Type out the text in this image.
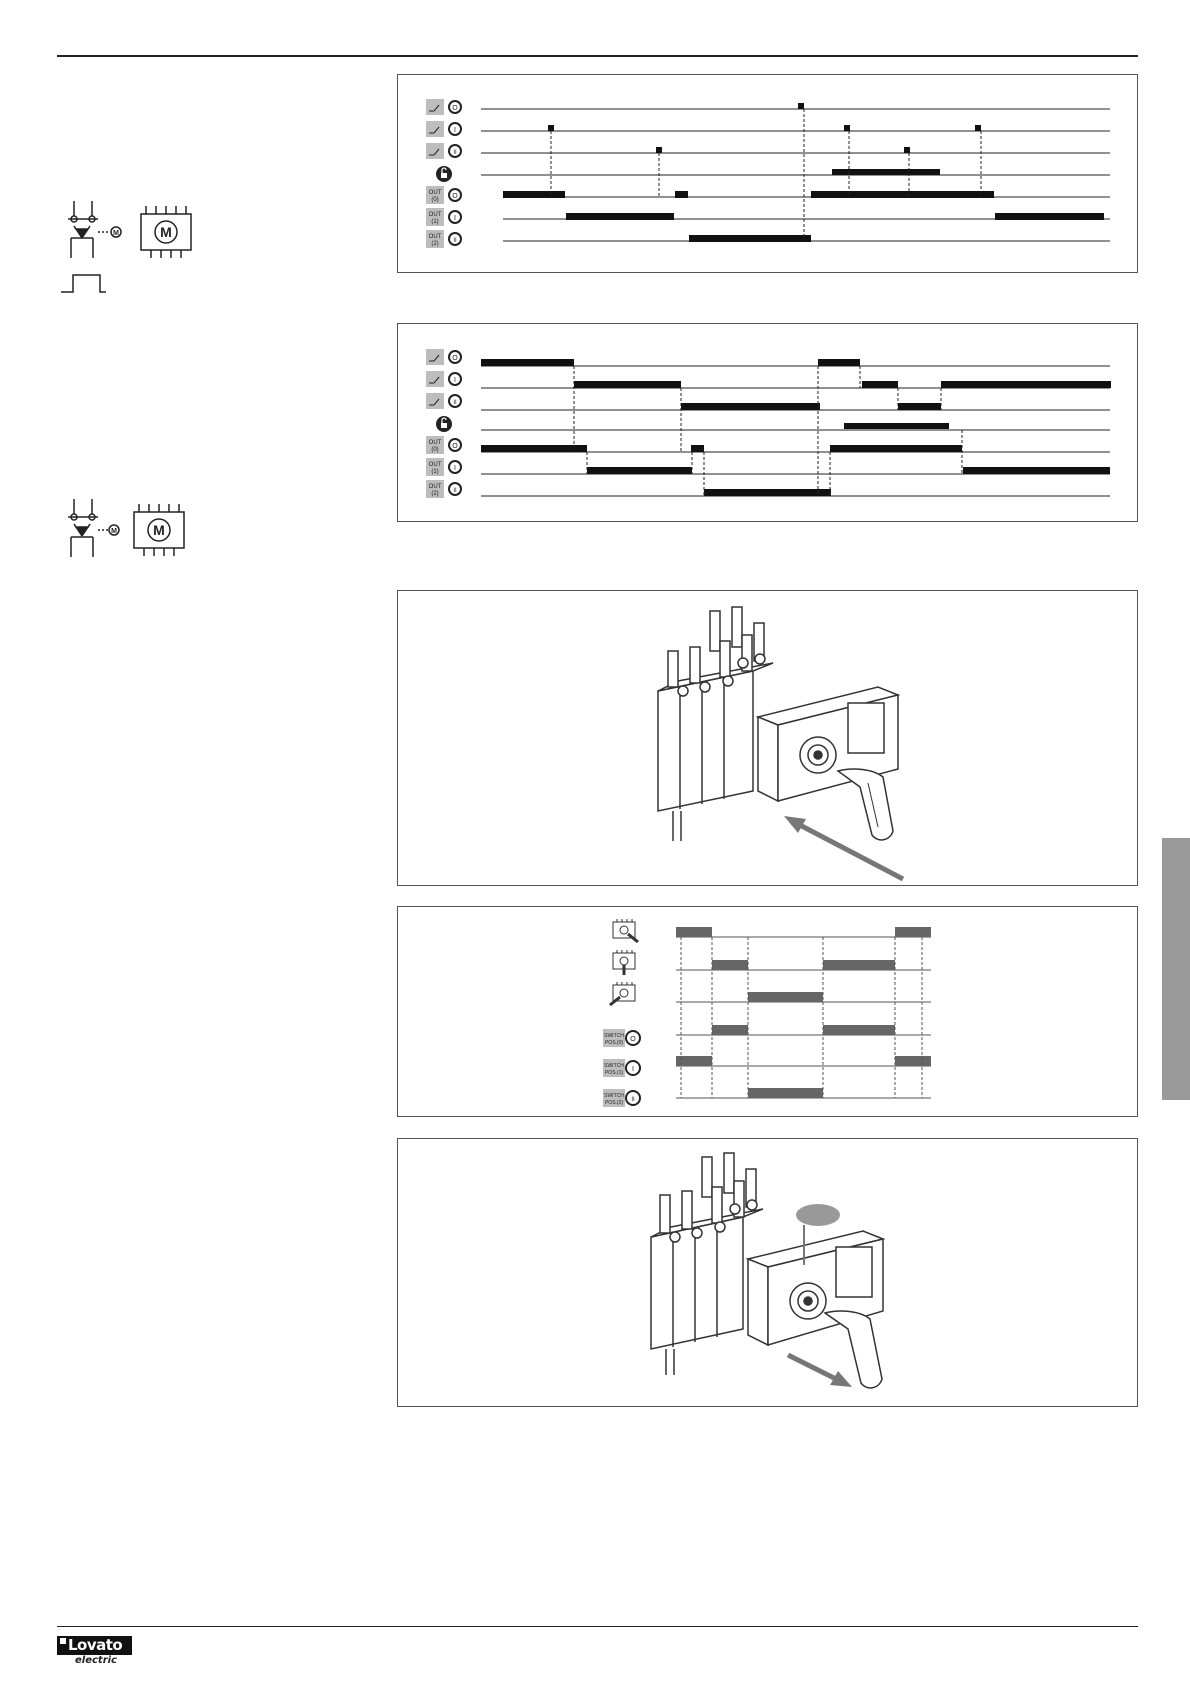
M	M
M	M
O
I
II
OUT
(0) O
OUT
(1) I
OUT
(2) II
O
I
II
OUT
(0) O
OUT
(1) I
OUT
(2) II
SWITCH
POS.(0) O
SWITCH
POS.(1) I
SWITCH
POS.(2) II
Lovato
electric
